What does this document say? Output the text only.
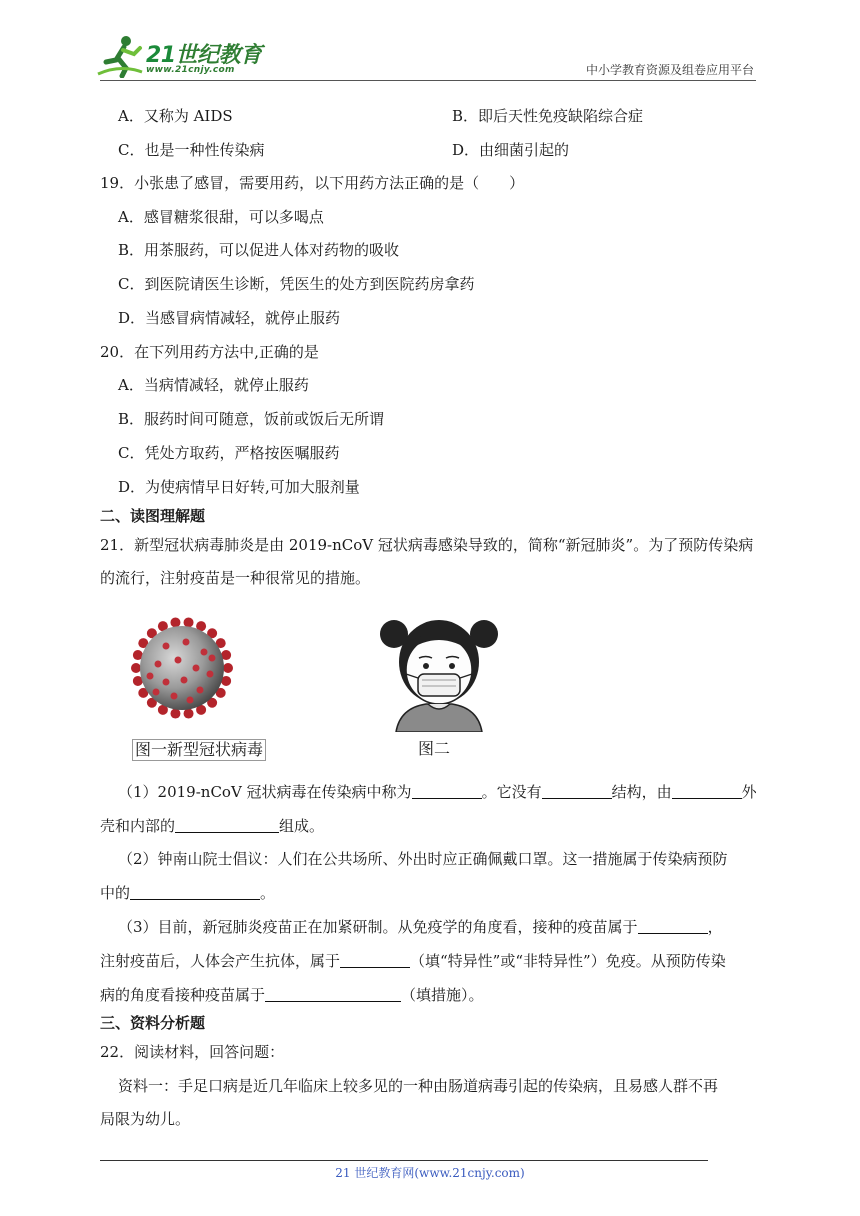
21世纪教育
www.21cnjy.com	中小学教育资源及组卷应用平台
A．又称为 AIDS	B．即后天性免疫缺陷综合症
C．也是一种性传染病	D．由细菌引起的
19．小张患了感冒，需要用药，以下用药方法正确的是（　　）
A．感冒糖浆很甜，可以多喝点
B．用茶服药，可以促进人体对药物的吸收
C．到医院请医生诊断，凭医生的处方到医院药房拿药
D．当感冒病情减轻，就停止服药
20．在下列用药方法中,正确的是
A．当病情减轻，就停止服药
B．服药时间可随意，饭前或饭后无所谓
C．凭处方取药，严格按医嘱服药
D．为使病情早日好转,可加大服剂量
二、读图理解题
21．新型冠状病毒肺炎是由 2019-nCoV 冠状病毒感染导致的，简称“新冠肺炎”。为了预防传染病
的流行，注射疫苗是一种很常见的措施。
图一新型冠状病毒	图二
（1）2019-nCoV 冠状病毒在传染病中称为	。它没有	结构，由	外
壳和内部的	组成。
（2）钟南山院士倡议：人们在公共场所、外出时应正确佩戴口罩。这一措施属于传染病预防
中的	。
（3）目前，新冠肺炎疫苗正在加紧研制。从免疫学的角度看，接种的疫苗属于	，
注射疫苗后，人体会产生抗体，属于	（填“特异性”或“非特异性”）免疫。从预防传染
病的角度看接种疫苗属于	（填措施）。
三、资料分析题
22．阅读材料，回答问题：
资料一：手足口病是近几年临床上较多见的一种由肠道病毒引起的传染病，且易感人群不再
局限为幼儿。
21 世纪教育网(www.21cnjy.com)
